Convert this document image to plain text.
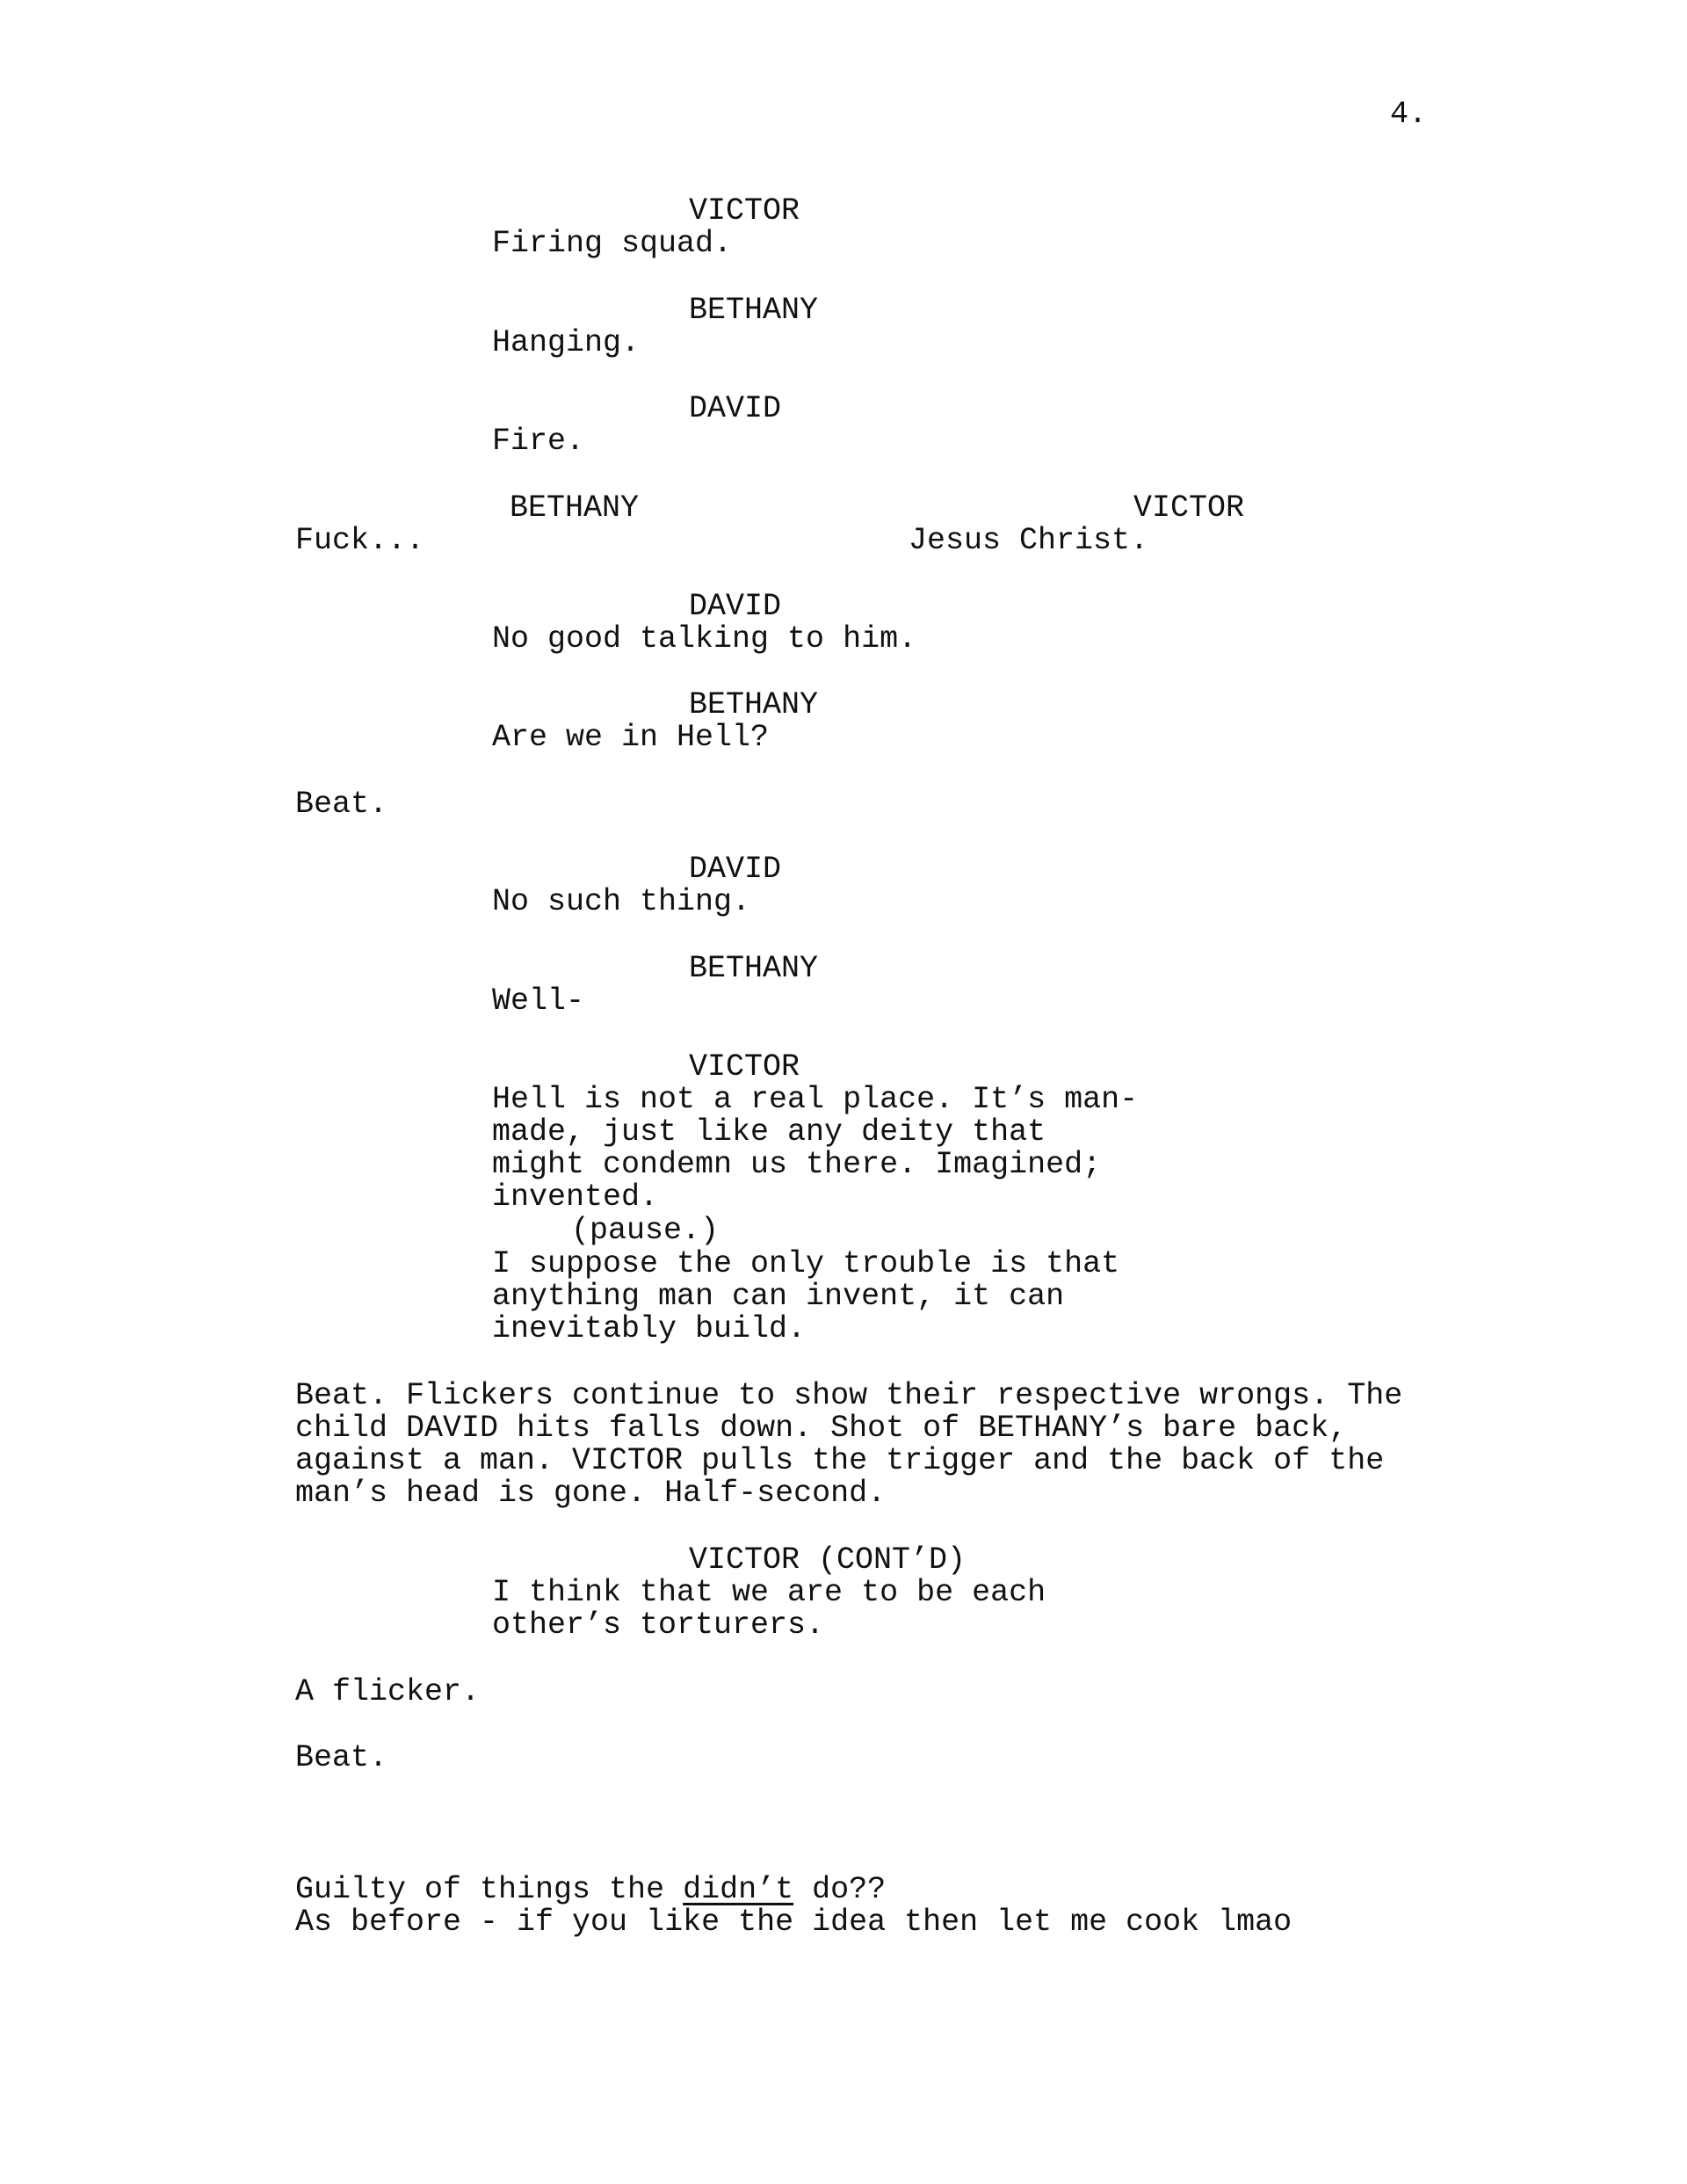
4.
VICTOR
Firing squad.
BETHANY
Hanging.
DAVID
Fire.
BETHANY	VICTOR
Fuck...	Jesus Christ.
DAVID
No good talking to him.
BETHANY
Are we in Hell?
Beat.
DAVID
No such thing.
BETHANY
Well-
VICTOR
Hell is not a real place. It’s man-
made, just like any deity that
might condemn us there. Imagined;
invented.
(pause.)
I suppose the only trouble is that
anything man can invent, it can
inevitably build.
Beat. Flickers continue to show their respective wrongs. The
child DAVID hits falls down. Shot of BETHANY’s bare back,
against a man. VICTOR pulls the trigger and the back of the
man’s head is gone. Half-second.
VICTOR (CONT’D)
I think that we are to be each
other’s torturers.
A flicker.
Beat.
Guilty of things the didn’t do??
As before - if you like the idea then let me cook lmao
